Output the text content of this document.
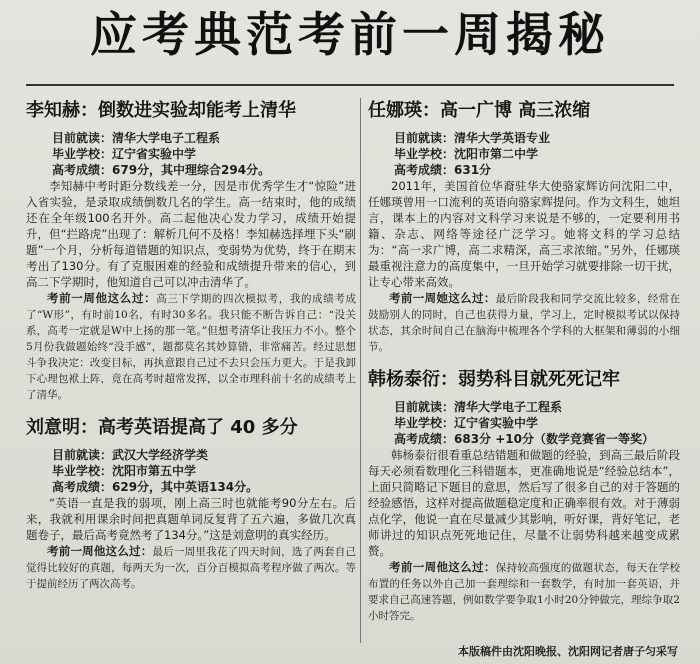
应考典范考前一周揭秘
李知赫：倒数进实验却能考上清华
目前就读：清华大学电子工程系
毕业学校：辽宁省实验中学
高考成绩：679分，其中理综合294分。

李知赫中考时距分数线差一分，因是市优秀学生才“惊险”进入省实验，是录取成绩倒数几名的学生。高一结束时，他的成绩还在全年级100名开外。高二起他决心发力学习，成绩开始提升，但“拦路虎”出现了：解析几何不及格！李知赫选择埋下头“刷题”一个月，分析每道错题的知识点，变弱势为优势，终于在期末考出了130分。有了克服困难的经验和成绩提升带来的信心，到高二下学期时，他知道自己可以冲击清华了。

考前一周他这么过：高三下学期的四次模拟考，我的成绩考成了“W形”，有时前10名，有时30多名。我只能不断告诉自己：“没关系，高考一定就是W中上扬的那一笔。”但想考清华让我压力不小。整个5月份我做题始终“没手感”，题都莫名其妙算错，非常痛苦。经过思想斗争我决定：改变目标，再执意跟自己过不去只会压力更大。于是我卸下心理包袱上阵，竟在高考时超常发挥，以全市理科前十名的成绩考上了清华。

刘意明：高考英语提高了 40 多分
目前就读：武汉大学经济学类
毕业学校：沈阳市第五中学
高考成绩：629分，其中英语134分。

“英语一直是我的弱项，刚上高三时也就能考90分左右。后来，我就利用课余时间把真题单词反复背了五六遍，多做几次真题卷子，最后高考竟然考了134分。”这是刘意明的真实经历。

考前一周他这么过：最后一周里我花了四天时间，选了两套自己觉得比较好的真题，每两天为一次，百分百模拟高考程序做了两次。等于提前经历了两次高考。

任娜瑛：高一广博 高三浓缩
目前就读：清华大学英语专业
毕业学校：沈阳市第二中学
高考成绩：631分

2011年，美国首位华裔驻华大使骆家辉访问沈阳二中，任娜瑛曾用一口流利的英语向骆家辉提问。作为文科生，她坦言，课本上的内容对文科学习来说是不够的，一定要利用书籍、杂志、网络等途径广泛学习。她将文科的学习总结为：“高一求广博，高二求精深，高三求浓缩。”另外，任娜瑛最重视注意力的高度集中，一旦开始学习就要排除一切干扰，让专心带来高效。

考前一周她这么过：最后阶段我和同学交流比较多，经常在鼓励别人的同时，自己也获得力量，学习上，定时模拟考试以保持状态，其余时间自己在脑海中梳理各个学科的大框架和薄弱的小细节。

韩杨泰衍：弱势科目就死死记牢
目前就读：清华大学电子工程系
毕业学校：辽宁省实验中学
高考成绩：683分 +10分（数学竞赛省一等奖）

韩杨泰衍很看重总结错题和做题的经验，到高三最后阶段每天必须看数理化三科错题本，更准确地说是“经验总结本”，上面只简略记下题目的意思，然后写了很多自己的对于答题的经验感悟，这样对提高做题稳定度和正确率很有效。对于薄弱点化学，他说一直在尽量减少其影响，听好课，背好笔记，老师讲过的知识点死死地记住，尽量不让弱势科越来越变成累赘。

考前一周他这么过：保持较高强度的做题状态，每天在学校布置的任务以外自己加一套理综和一套数学，有时加一套英语，并要求自己高速答题，例如数学要争取1小时20分钟做完，理综争取2小时答完。

本版稿件由沈阳晚报、沈阳网记者唐子匀采写
